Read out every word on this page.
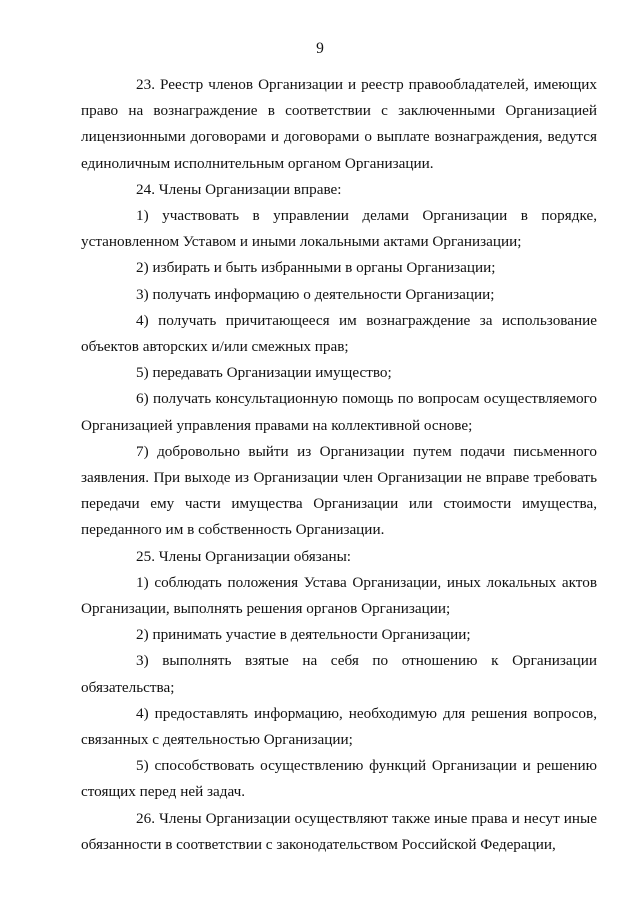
9

23. Реестр членов Организации и реестр правообладателей, имеющих право на вознаграждение в соответствии с заключенными Организацией лицензионными договорами и договорами о выплате вознаграждения, ведутся единоличным исполнительным органом Организации.

24. Члены Организации вправе:

1) участвовать в управлении делами Организации в порядке, установленном Уставом и иными локальными актами Организации;

2) избирать и быть избранными в органы Организации;

3) получать информацию о деятельности Организации;

4) получать причитающееся им вознаграждение за использование объектов авторских и/или смежных прав;

5) передавать Организации имущество;

6) получать консультационную помощь по вопросам осуществляемого Организацией управления правами на коллективной основе;

7) добровольно выйти из Организации путем подачи письменного заявления. При выходе из Организации член Организации не вправе требовать передачи ему части имущества Организации или стоимости имущества, переданного им в собственность Организации.

25. Члены Организации обязаны:

1) соблюдать положения Устава Организации, иных локальных актов Организации, выполнять решения органов Организации;

2) принимать участие в деятельности Организации;

3) выполнять взятые на себя по отношению к Организации обязательства;

4) предоставлять информацию, необходимую для решения вопросов, связанных с деятельностью Организации;

5) способствовать осуществлению функций Организации и решению стоящих перед ней задач.

26. Члены Организации осуществляют также иные права и несут иные обязанности в соответствии с законодательством Российской Федерации,
